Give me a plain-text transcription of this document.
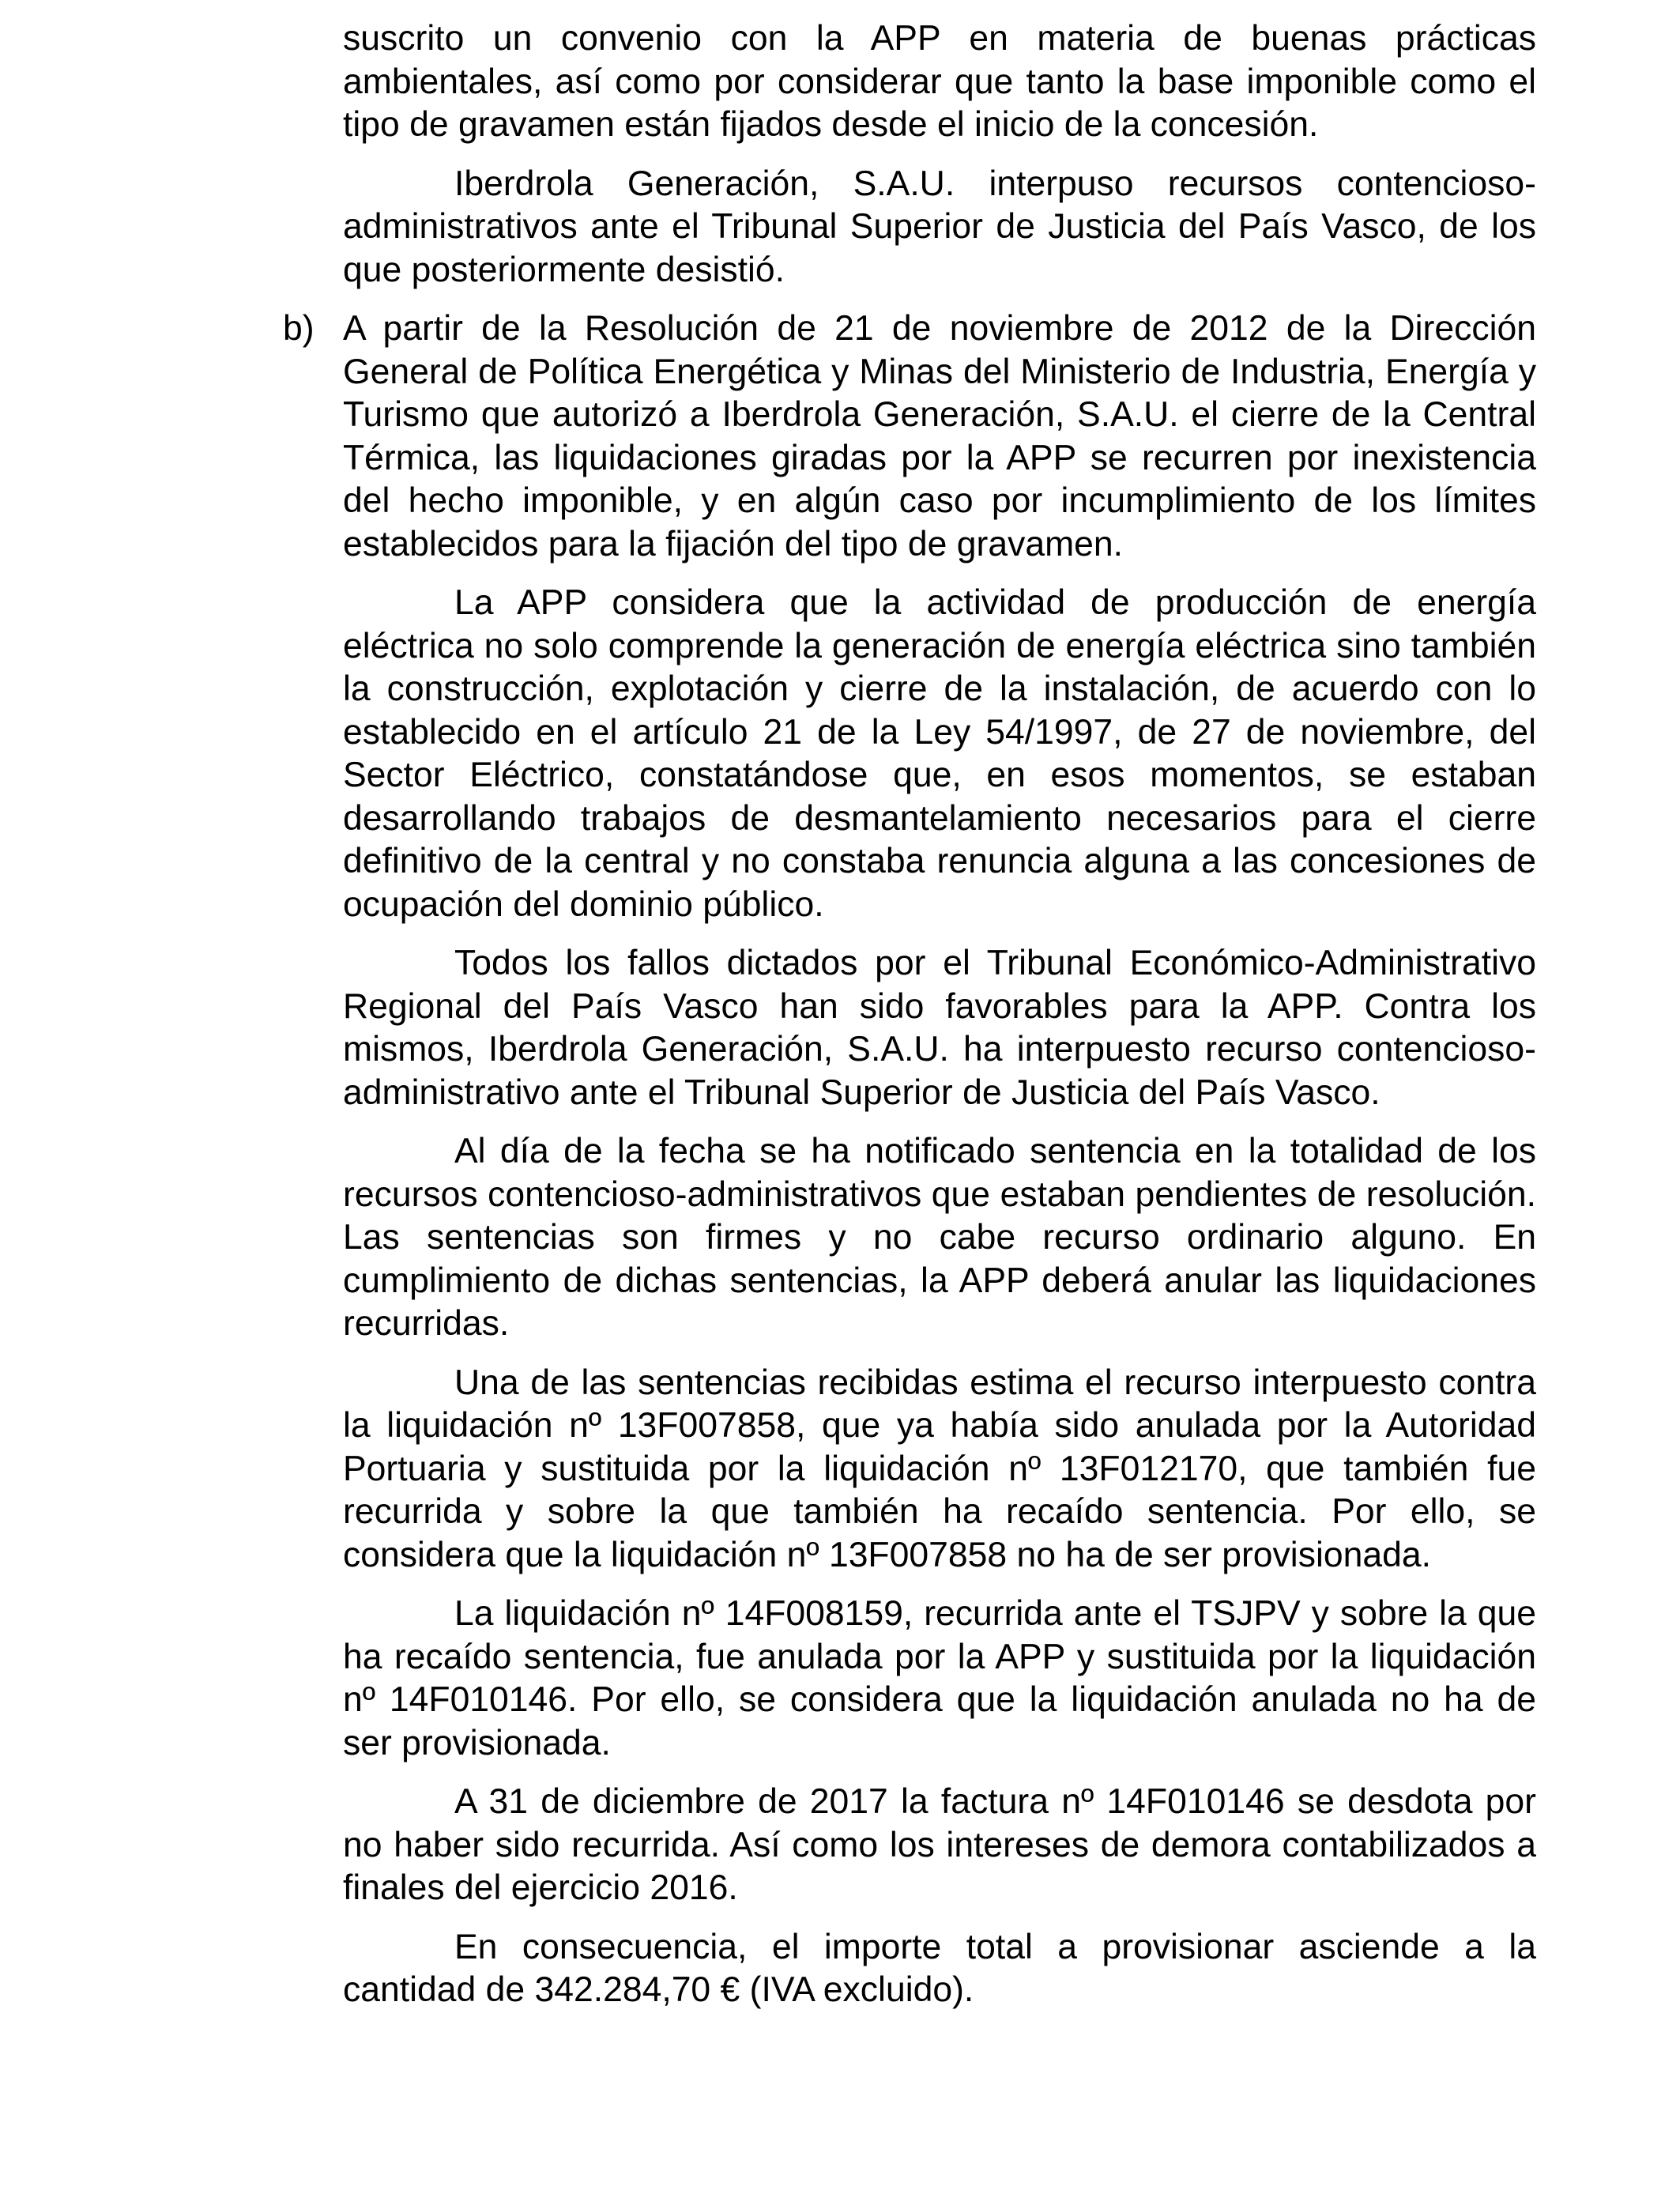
suscrito un convenio con la APP en materia de buenas prácticas ambientales, así como por considerar que tanto la base imponible como el tipo de gravamen están fijados desde el inicio de la concesión.

Iberdrola Generación, S.A.U. interpuso recursos contencioso-administrativos ante el Tribunal Superior de Justicia del País Vasco, de los que posteriormente desistió.

b) A partir de la Resolución de 21 de noviembre de 2012 de la Dirección General de Política Energética y Minas del Ministerio de Industria, Energía y Turismo que autorizó a Iberdrola Generación, S.A.U. el cierre de la Central Térmica, las liquidaciones giradas por la APP se recurren por inexistencia del hecho imponible, y en algún caso por incumplimiento de los límites establecidos para la fijación del tipo de gravamen.

La APP considera que la actividad de producción de energía eléctrica no solo comprende la generación de energía eléctrica sino también la construcción, explotación y cierre de la instalación, de acuerdo con lo establecido en el artículo 21 de la Ley 54/1997, de 27 de noviembre, del Sector Eléctrico, constatándose que, en esos momentos, se estaban desarrollando trabajos de desmantelamiento necesarios para el cierre definitivo de la central y no constaba renuncia alguna a las concesiones de ocupación del dominio público.

Todos los fallos dictados por el Tribunal Económico-Administrativo Regional del País Vasco han sido favorables para la APP. Contra los mismos, Iberdrola Generación, S.A.U. ha interpuesto recurso contencioso-administrativo ante el Tribunal Superior de Justicia del País Vasco.

Al día de la fecha se ha notificado sentencia en la totalidad de los recursos contencioso-administrativos que estaban pendientes de resolución. Las sentencias son firmes y no cabe recurso ordinario alguno. En cumplimiento de dichas sentencias, la APP deberá anular las liquidaciones recurridas.

Una de las sentencias recibidas estima el recurso interpuesto contra la liquidación nº 13F007858, que ya había sido anulada por la Autoridad Portuaria y sustituida por la liquidación nº 13F012170, que también fue recurrida y sobre la que también ha recaído sentencia. Por ello, se considera que la liquidación nº 13F007858 no ha de ser provisionada.

La liquidación nº 14F008159, recurrida ante el TSJPV y sobre la que ha recaído sentencia, fue anulada por la APP y sustituida por la liquidación nº 14F010146. Por ello, se considera que la liquidación anulada no ha de ser provisionada.

A 31 de diciembre de 2017 la factura nº 14F010146 se desdota por no haber sido recurrida. Así como los intereses de demora contabilizados a finales del ejercicio 2016.

En consecuencia, el importe total a provisionar asciende a la cantidad de 342.284,70 € (IVA excluido).
